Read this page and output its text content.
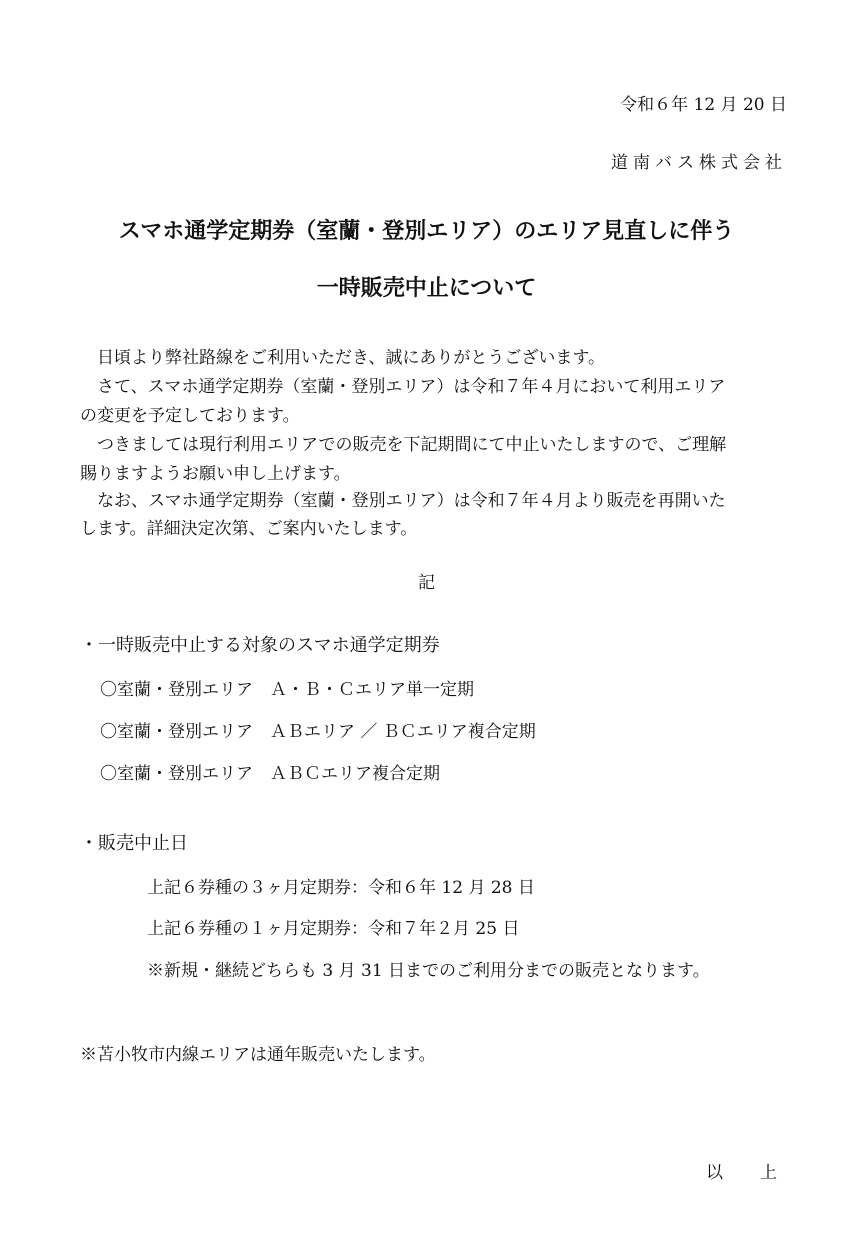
令和６年 12 月 20 日
道南バス株式会社
スマホ通学定期券（室蘭・登別エリア）のエリア見直しに伴う
一時販売中止について
　日頃より弊社路線をご利用いただき、誠にありがとうございます。
　さて、スマホ通学定期券（室蘭・登別エリア）は令和７年４月において利用エリア
の変更を予定しております。
　つきましては現行利用エリアでの販売を下記期間にて中止いたしますので、ご理解
賜りますようお願い申し上げます。
　なお、スマホ通学定期券（室蘭・登別エリア）は令和７年４月より販売を再開いた
します。詳細決定次第、ご案内いたします。
記
・一時販売中止する対象のスマホ通学定期券
〇室蘭・登別エリア　Ａ・Ｂ・Ｃエリア単一定期
〇室蘭・登別エリア　ＡＢエリア ／ ＢＣエリア複合定期
〇室蘭・登別エリア　ＡＢＣエリア複合定期
・販売中止日
上記６券種の３ヶ月定期券：令和６年 12 月 28 日
上記６券種の１ヶ月定期券：令和７年２月 25 日
※新規・継続どちらも 3 月 31 日までのご利用分までの販売となります。
※苫小牧市内線エリアは通年販売いたします。
以　上
